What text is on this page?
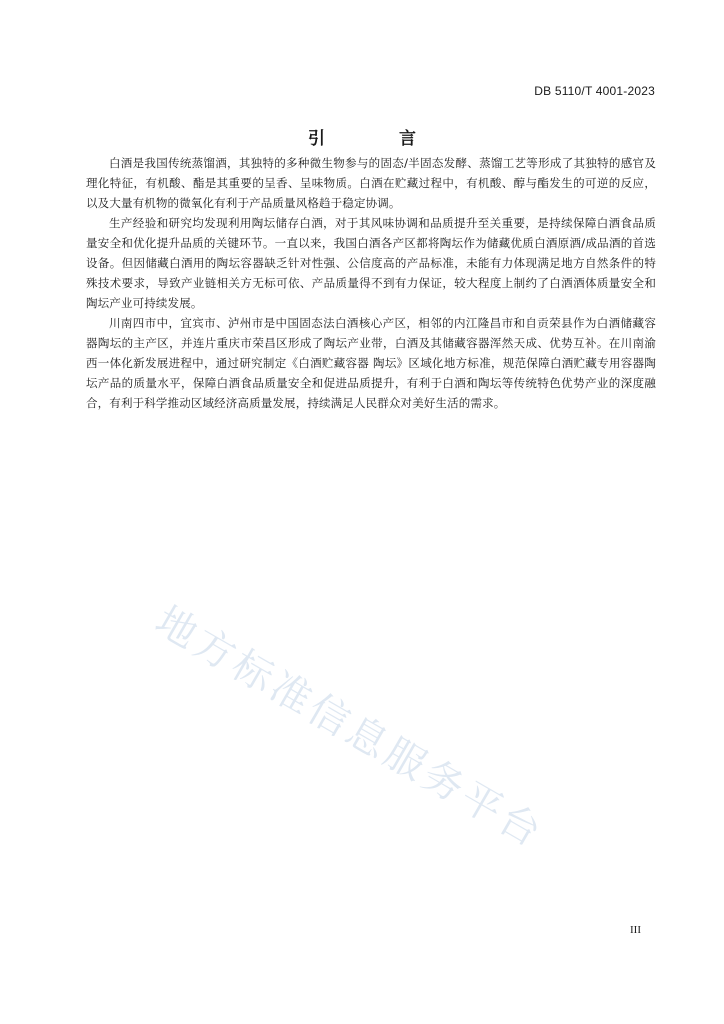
DB 5110/T 4001-2023
引 言

白酒是我国传统蒸馏酒，其独特的多种微生物参与的固态/半固态发酵、蒸馏工艺等形成了其独特的感官及理化特征，有机酸、酯是其重要的呈香、呈味物质。白酒在贮藏过程中，有机酸、醇与酯发生的可逆的反应，以及大量有机物的微氧化有利于产品质量风格趋于稳定协调。

生产经验和研究均发现利用陶坛储存白酒，对于其风味协调和品质提升至关重要，是持续保障白酒食品质量安全和优化提升品质的关键环节。一直以来，我国白酒各产区都将陶坛作为储藏优质白酒原酒/成品酒的首选设备。但因储藏白酒用的陶坛容器缺乏针对性强、公信度高的产品标准，未能有力体现满足地方自然条件的特殊技术要求，导致产业链相关方无标可依、产品质量得不到有力保证，较大程度上制约了白酒酒体质量安全和陶坛产业可持续发展。

川南四市中，宜宾市、泸州市是中国固态法白酒核心产区，相邻的内江隆昌市和自贡荣县作为白酒储藏容器陶坛的主产区，并连片重庆市荣昌区形成了陶坛产业带，白酒及其储藏容器浑然天成、优势互补。在川南渝西一体化新发展进程中，通过研究制定《白酒贮藏容器 陶坛》区域化地方标准，规范保障白酒贮藏专用容器陶坛产品的质量水平，保障白酒食品质量安全和促进品质提升，有利于白酒和陶坛等传统特色优势产业的深度融合，有利于科学推动区域经济高质量发展，持续满足人民群众对美好生活的需求。

地方标准信息服务平台
III
